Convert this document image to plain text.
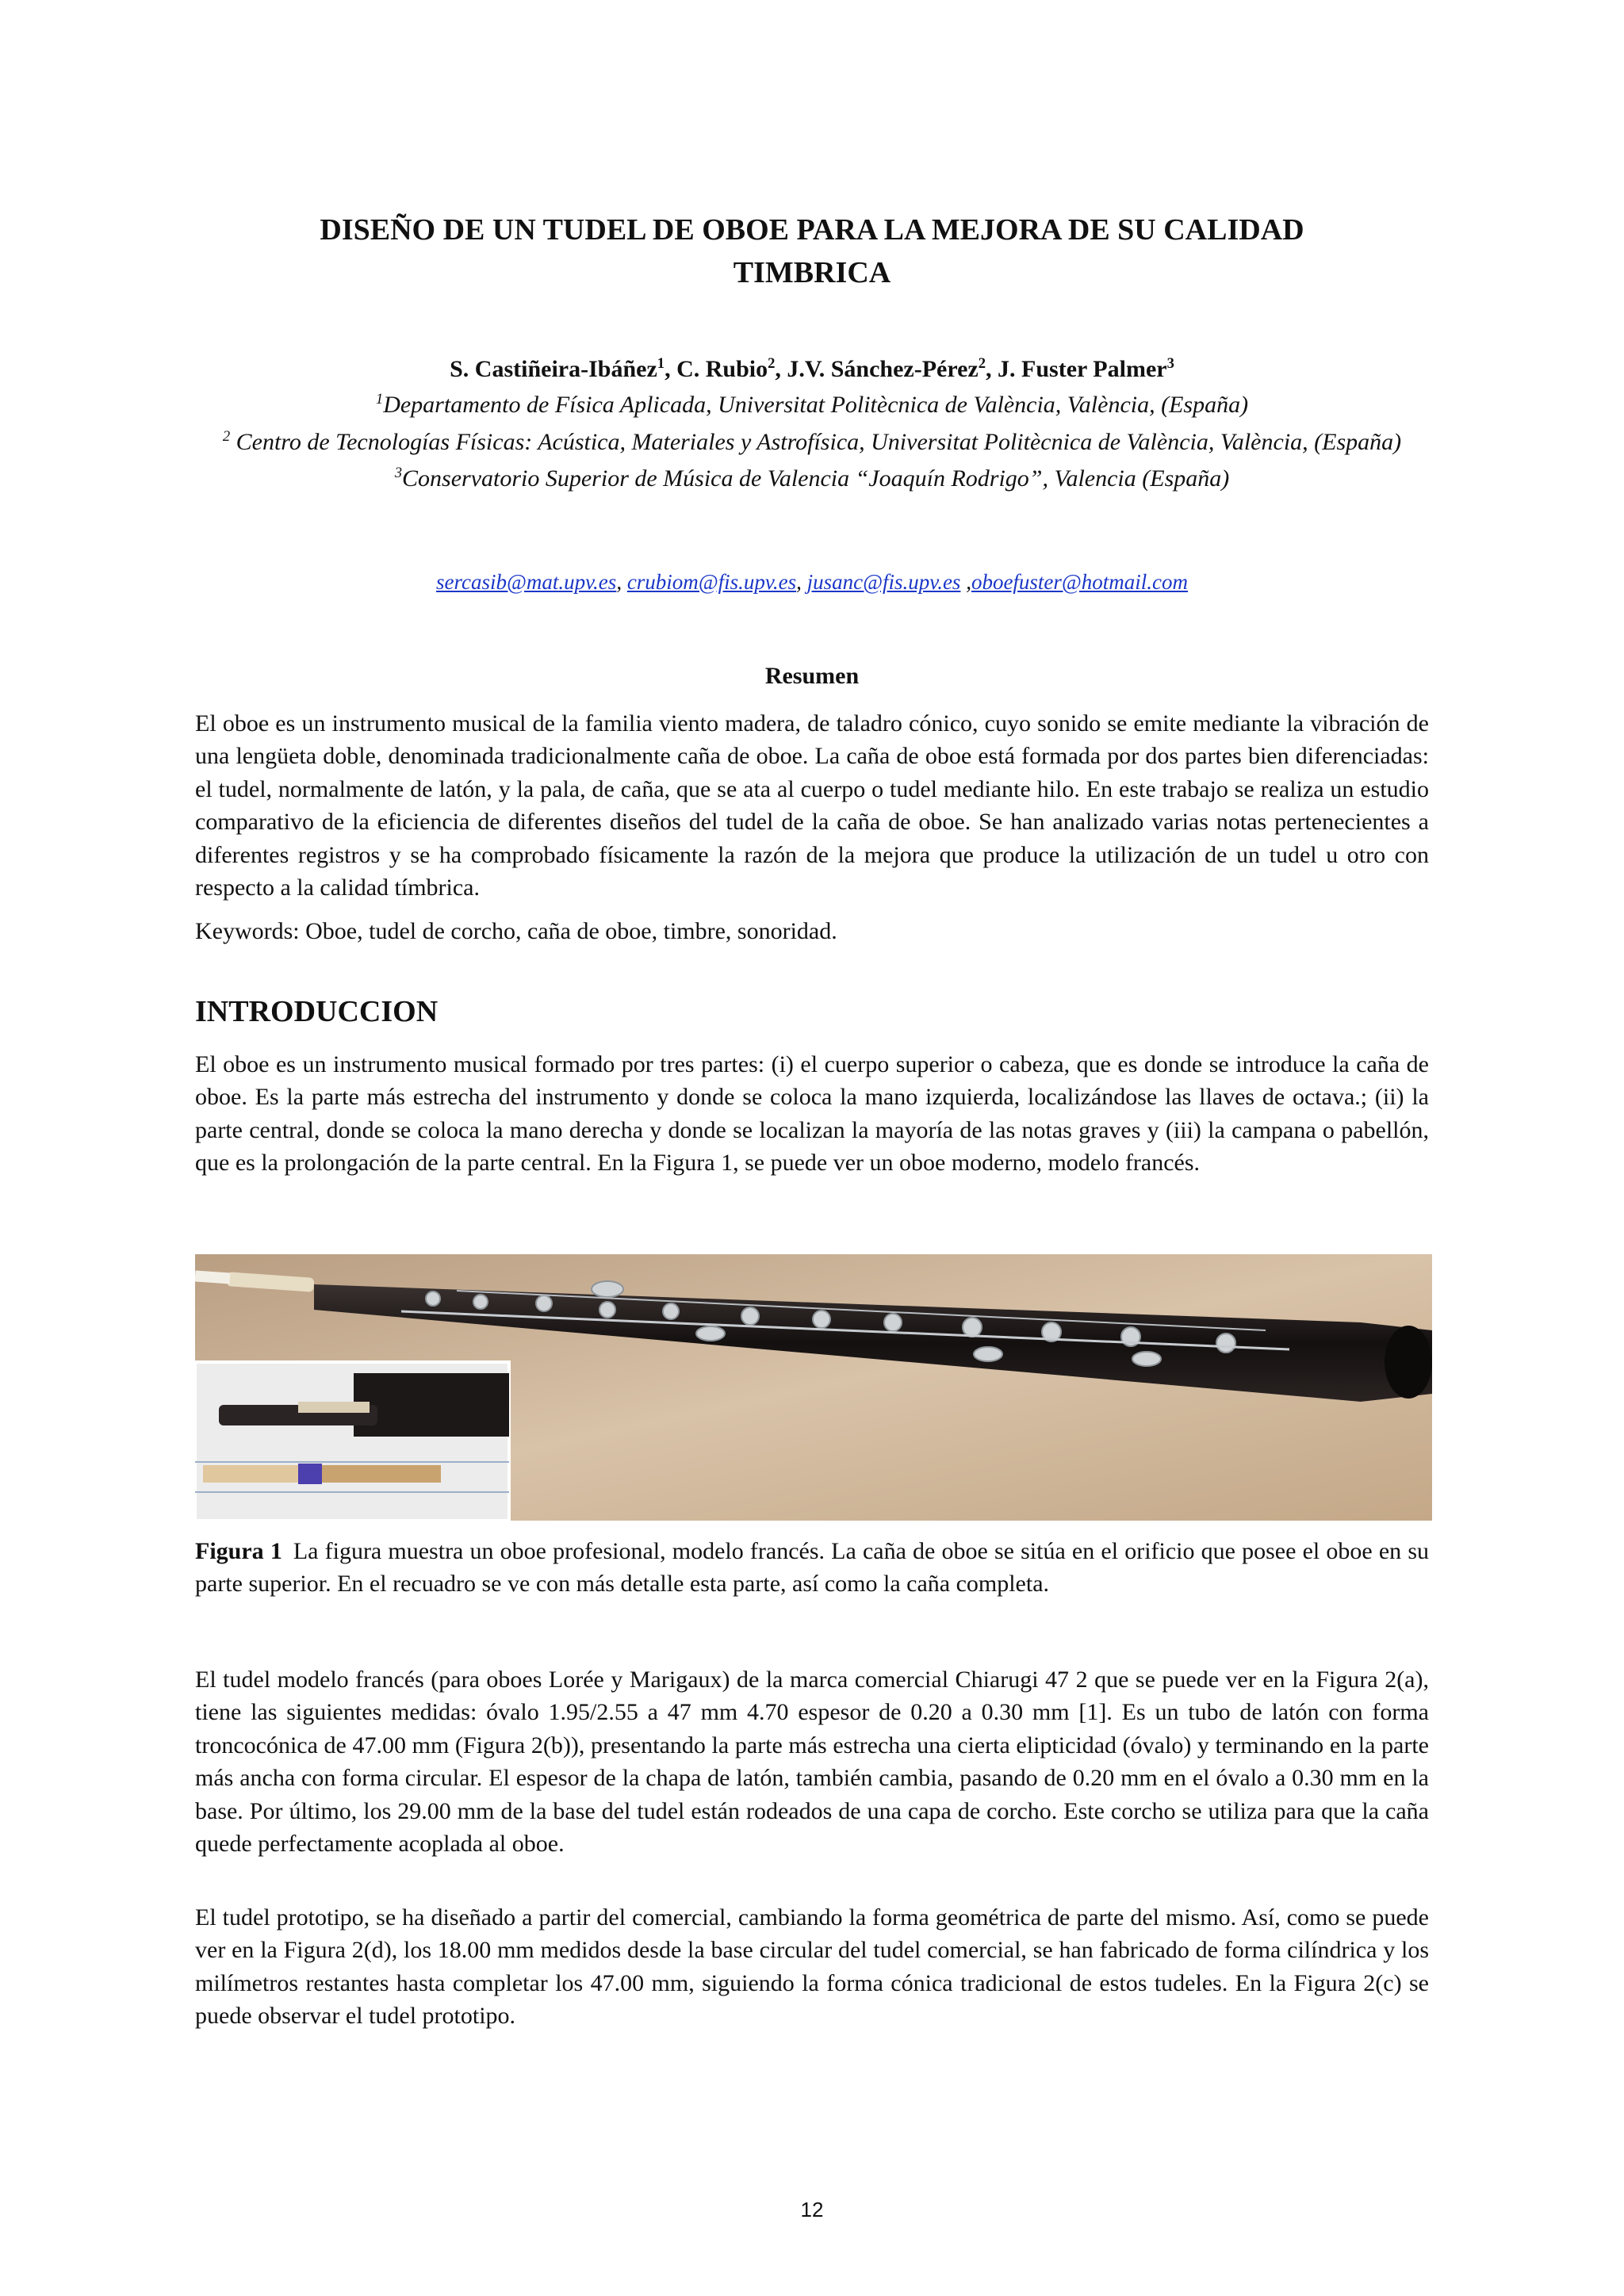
DISEÑO DE UN TUDEL DE OBOE PARA LA MEJORA DE SU CALIDAD
TIMBRICA
S. Castiñeira-Ibáñez$^1$, C. Rubio$^2$, J.V. Sánchez-Pérez$^2$, J. Fuster Palmer$^3$

$^1$Departamento de Física Aplicada, Universitat Politècnica de València, València, (España)

$^2$ Centro de Tecnologías Físicas: Acústica, Materiales y Astrofísica, Universitat Politècnica de València, València, (España)

$^3$Conservatorio Superior de Música de Valencia “Joaquín Rodrigo”, Valencia (España)

sercasib@mat.upv.es, crubiom@fis.upv.es, jusanc@fis.upv.es ,oboefuster@hotmail.com
Resumen

El oboe es un instrumento musical de la familia viento madera, de taladro cónico, cuyo sonido se emite mediante la vibración de una lengüeta doble, denominada tradicionalmente caña de oboe. La caña de oboe está formada por dos partes bien diferenciadas: el tudel, normalmente de latón, y la pala, de caña, que se ata al cuerpo o tudel mediante hilo. En este trabajo se realiza un estudio comparativo de la eficiencia de diferentes diseños del tudel de la caña de oboe. Se han analizado varias notas pertenecientes a diferentes registros y se ha comprobado físicamente la razón de la mejora que produce la utilización de un tudel u otro con respecto a la calidad tímbrica.

Keywords: Oboe, tudel de corcho, caña de oboe, timbre, sonoridad.

INTRODUCCION

El oboe es un instrumento musical formado por tres partes: (i) el cuerpo superior o cabeza, que es donde se introduce la caña de oboe. Es la parte más estrecha del instrumento y donde se coloca la mano izquierda, localizándose las llaves de octava.; (ii) la parte central, donde se coloca la mano derecha y donde se localizan la mayoría de las notas graves y (iii) la campana o pabellón, que es la prolongación de la parte central. En la Figura 1, se puede ver un oboe moderno, modelo francés.

Figura 1 La figura muestra un oboe profesional, modelo francés. La caña de oboe se sitúa en el orificio que posee el oboe en su parte superior. En el recuadro se ve con más detalle esta parte, así como la caña completa.

El tudel modelo francés (para oboes Lorée y Marigaux) de la marca comercial Chiarugi 47 2 que se puede ver en la Figura 2(a), tiene las siguientes medidas: óvalo 1.95/2.55 a 47 mm 4.70 espesor de 0.20 a 0.30 mm [1]. Es un tubo de latón con forma troncocónica de 47.00 mm (Figura 2(b)), presentando la parte más estrecha una cierta elipticidad (óvalo) y terminando en la parte más ancha con forma circular. El espesor de la chapa de latón, también cambia, pasando de 0.20 mm en el óvalo a 0.30 mm en la base. Por último, los 29.00 mm de la base del tudel están rodeados de una capa de corcho. Este corcho se utiliza para que la caña quede perfectamente acoplada al oboe.

El tudel prototipo, se ha diseñado a partir del comercial, cambiando la forma geométrica de parte del mismo. Así, como se puede ver en la Figura 2(d), los 18.00 mm medidos desde la base circular del tudel comercial, se han fabricado de forma cilíndrica y los milímetros restantes hasta completar los 47.00 mm, siguiendo la forma cónica tradicional de estos tudeles. En la Figura 2(c) se puede observar el tudel prototipo.

12
